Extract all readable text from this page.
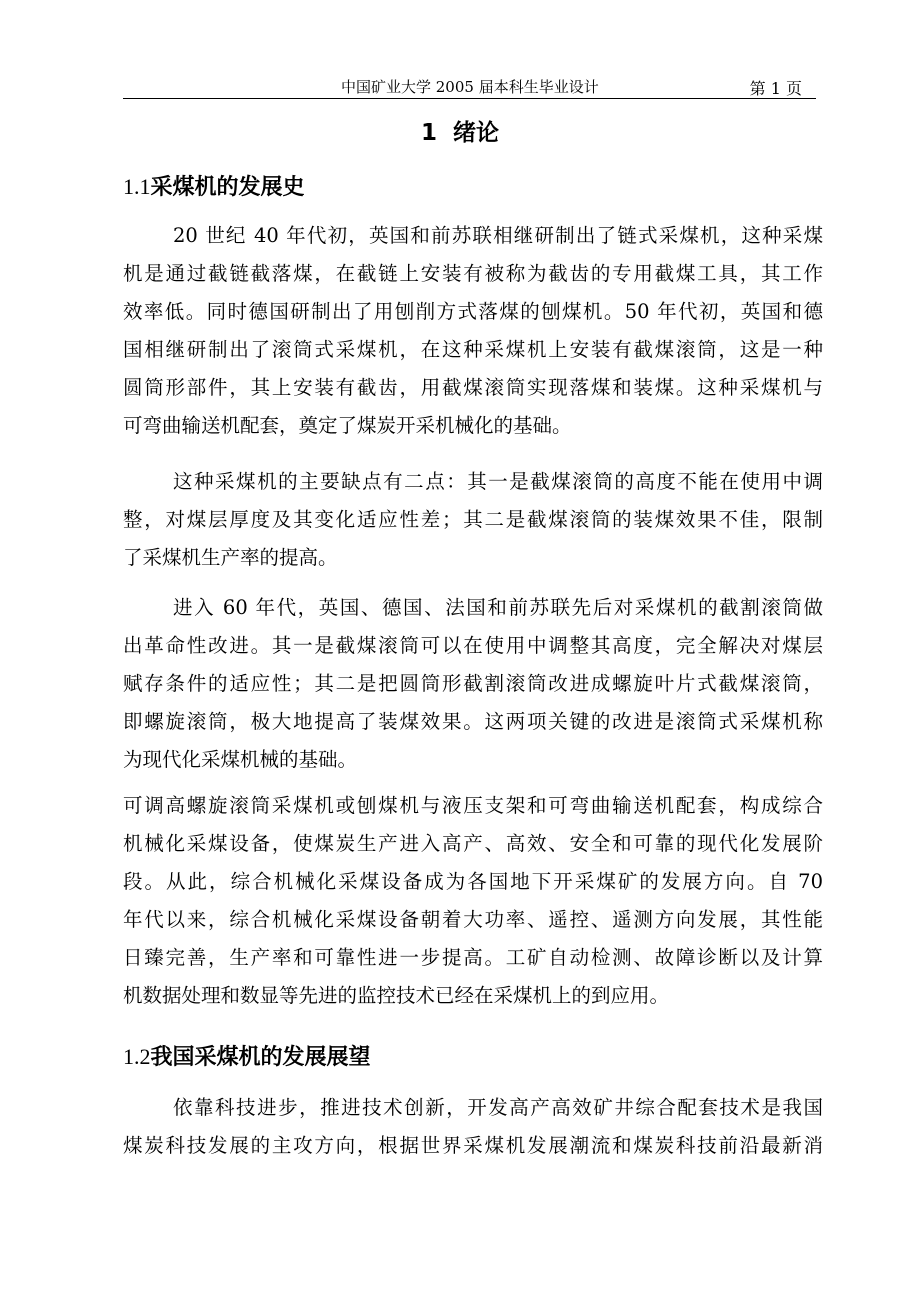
中国矿业大学 2005 届本科生毕业设计	第 1 页
1 绪论
1.1采煤机的发展史
20 世纪 40 年代初，英国和前苏联相继研制出了链式采煤机，这种采煤
机是通过截链截落煤，在截链上安装有被称为截齿的专用截煤工具，其工作
效率低。同时德国研制出了用刨削方式落煤的刨煤机。50 年代初，英国和德
国相继研制出了滚筒式采煤机，在这种采煤机上安装有截煤滚筒，这是一种
圆筒形部件，其上安装有截齿，用截煤滚筒实现落煤和装煤。这种采煤机与
可弯曲输送机配套，奠定了煤炭开采机械化的基础。
这种采煤机的主要缺点有二点：其一是截煤滚筒的高度不能在使用中调
整，对煤层厚度及其变化适应性差；其二是截煤滚筒的装煤效果不佳，限制
了采煤机生产率的提高。
进入 60 年代，英国、德国、法国和前苏联先后对采煤机的截割滚筒做
出革命性改进。其一是截煤滚筒可以在使用中调整其高度，完全解决对煤层
赋存条件的适应性；其二是把圆筒形截割滚筒改进成螺旋叶片式截煤滚筒，
即螺旋滚筒，极大地提高了装煤效果。这两项关键的改进是滚筒式采煤机称
为现代化采煤机械的基础。
可调高螺旋滚筒采煤机或刨煤机与液压支架和可弯曲输送机配套，构成综合
机械化采煤设备，使煤炭生产进入高产、高效、安全和可靠的现代化发展阶
段。从此，综合机械化采煤设备成为各国地下开采煤矿的发展方向。自 70
年代以来，综合机械化采煤设备朝着大功率、遥控、遥测方向发展，其性能
日臻完善，生产率和可靠性进一步提高。工矿自动检测、故障诊断以及计算
机数据处理和数显等先进的监控技术已经在采煤机上的到应用。
1.2我国采煤机的发展展望
依靠科技进步，推进技术创新，开发高产高效矿井综合配套技术是我国
煤炭科技发展的主攻方向，根据世界采煤机发展潮流和煤炭科技前沿最新消
